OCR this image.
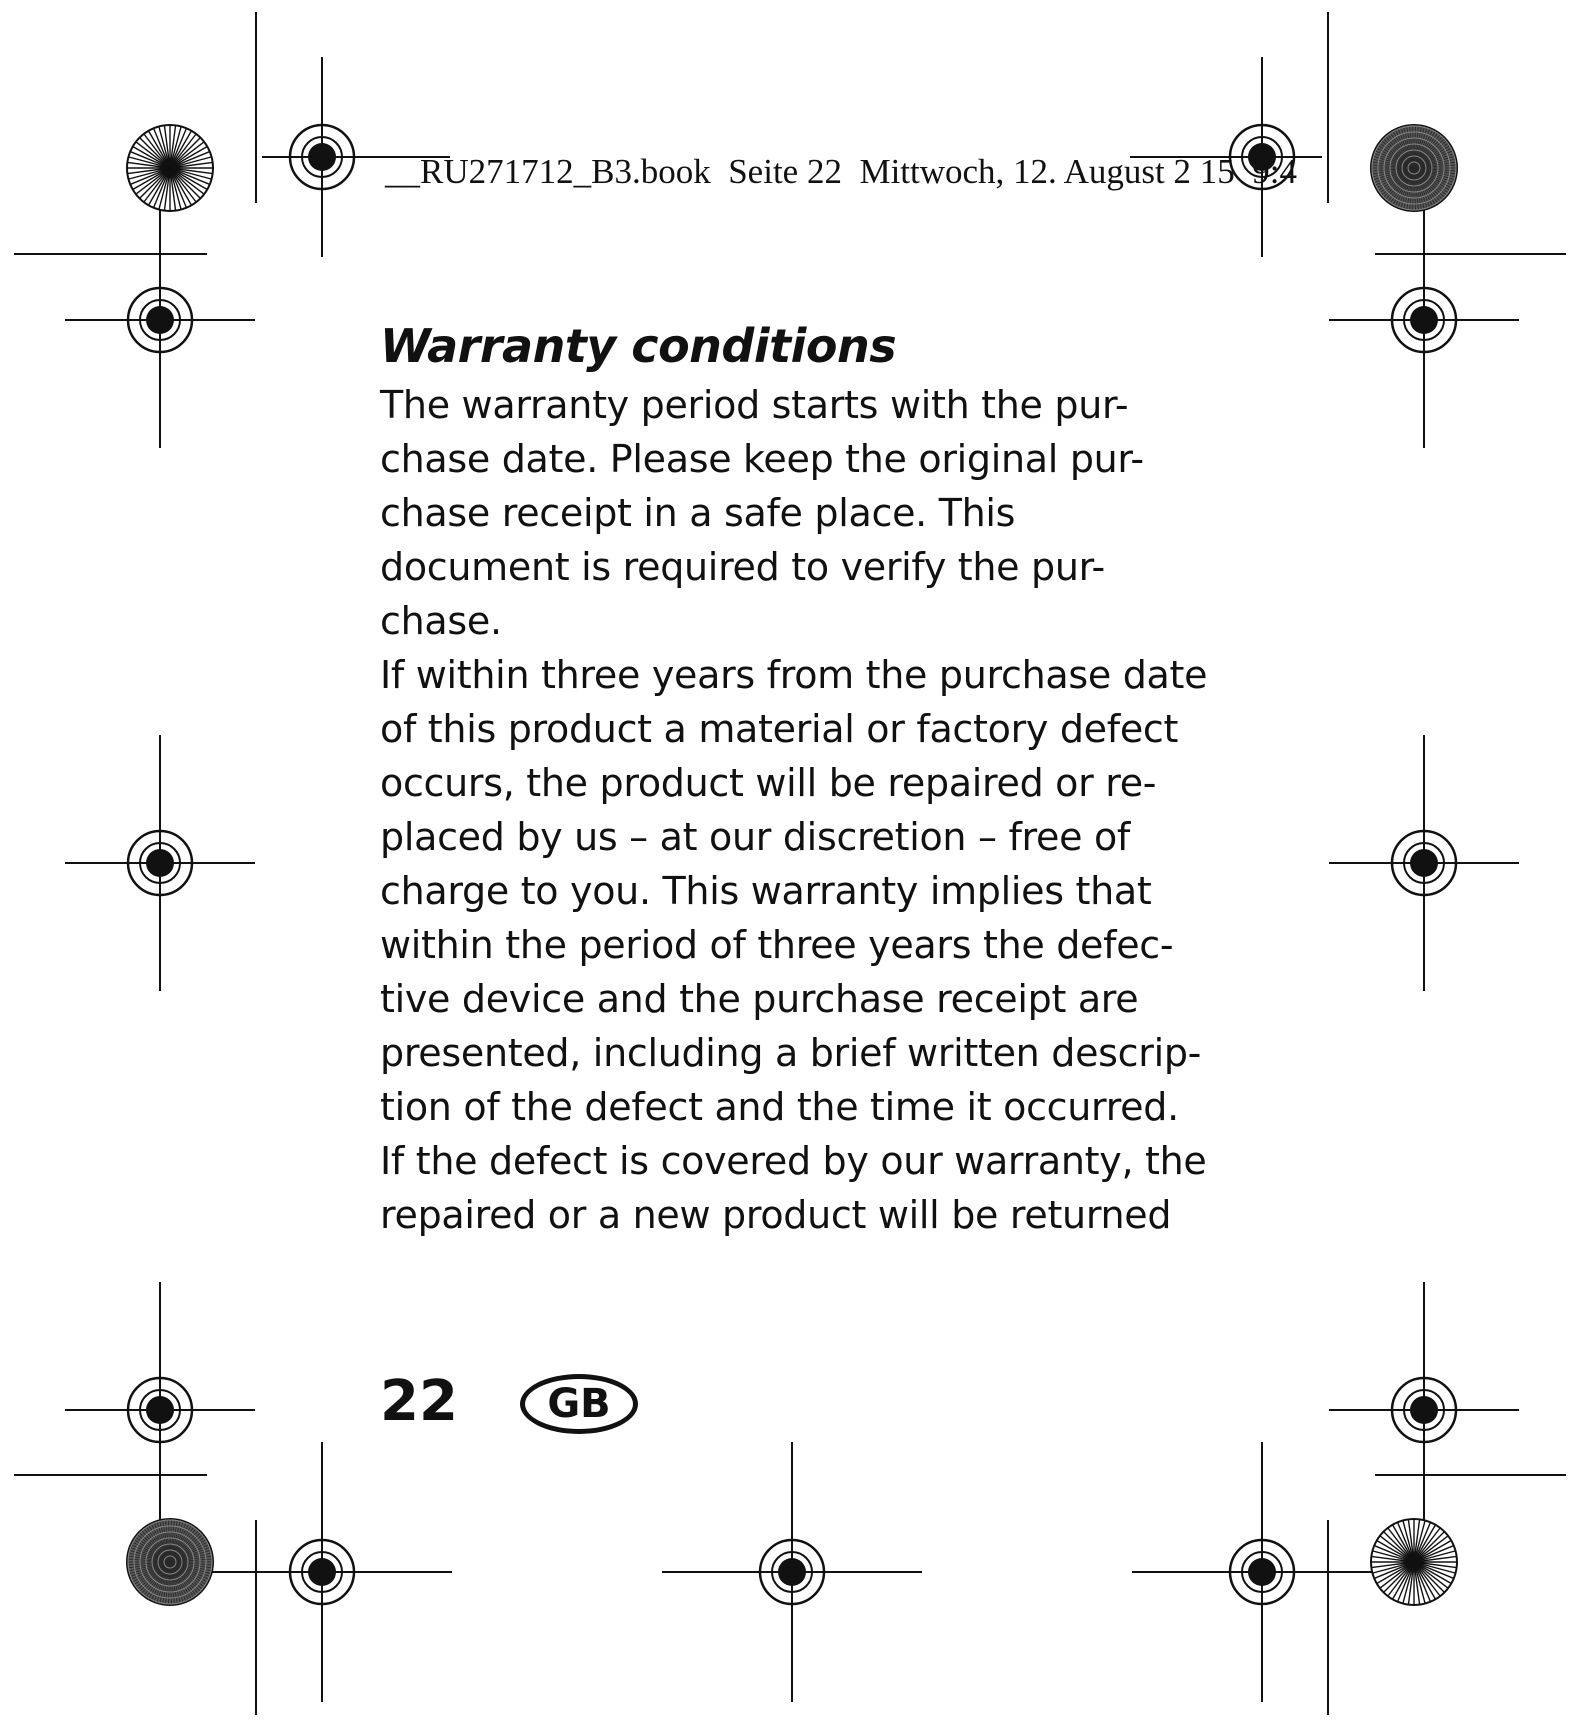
__RU271712_B3.book  Seite 22  Mittwoch, 12. August 2 15  9:4
Warranty conditions
The warranty period starts with the pur-
chase date. Please keep the original pur-
chase receipt in a safe place. This
document is required to verify the pur-
chase.
If within three years from the purchase date
of this product a material or factory defect
occurs, the product will be repaired or re-
placed by us – at our discretion – free of
charge to you. This warranty implies that
within the period of three years the defec-
tive device and the purchase receipt are
presented, including a brief written descrip-
tion of the defect and the time it occurred.
If the defect is covered by our warranty, the
repaired or a new product will be returned
22 GB
